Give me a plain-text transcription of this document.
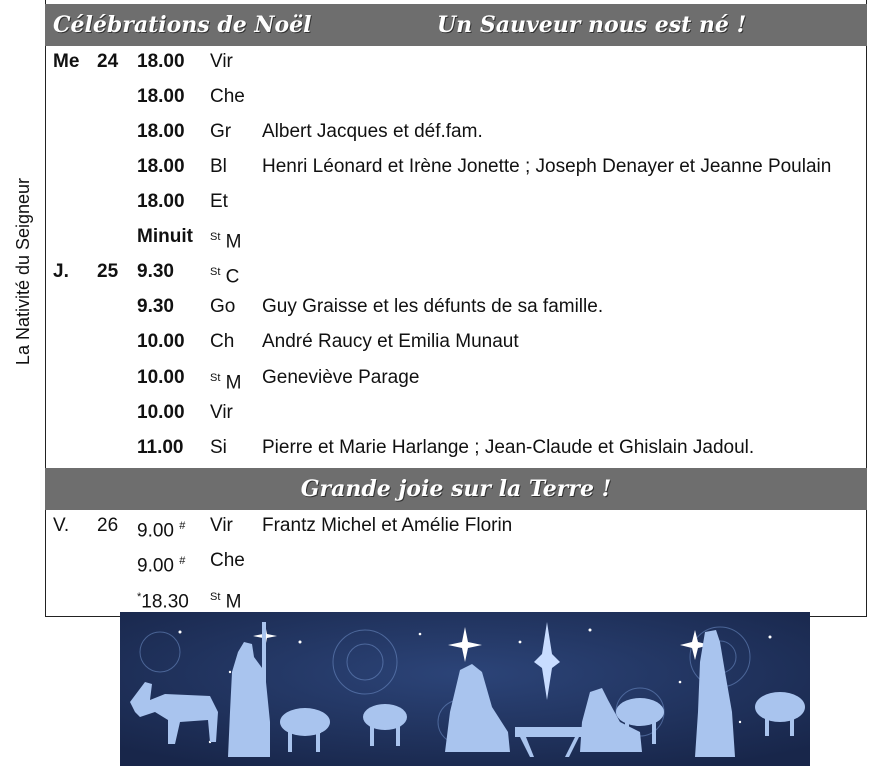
La Nativité du Seigneur
Célébrations de Noël	Un Sauveur nous est né !
Me 24 18.00 Vir
18.00 Che
18.00 Gr Albert Jacques et déf.fam.
18.00 Bl Henri Léonard et Irène Jonette ; Joseph Denayer et Jeanne Poulain
18.00 Et
Minuit $^{St}$ M
J. 25 9.30	$^{St}$ C
9.30 Go Guy Graisse et les défunts de sa famille.
10.00 Ch André Raucy et Emilia Munaut
10.00 $^{St}$ M Geneviève Parage
10.00 Vir
11.00 Si Pierre et Marie Harlange ; Jean-Claude et Ghislain Jadoul.
Grande joie sur la Terre !
V. 26 9.00 # Vir Frantz Michel et Amélie Florin
9.00 # Che
*18.30 $^{St}$ M
